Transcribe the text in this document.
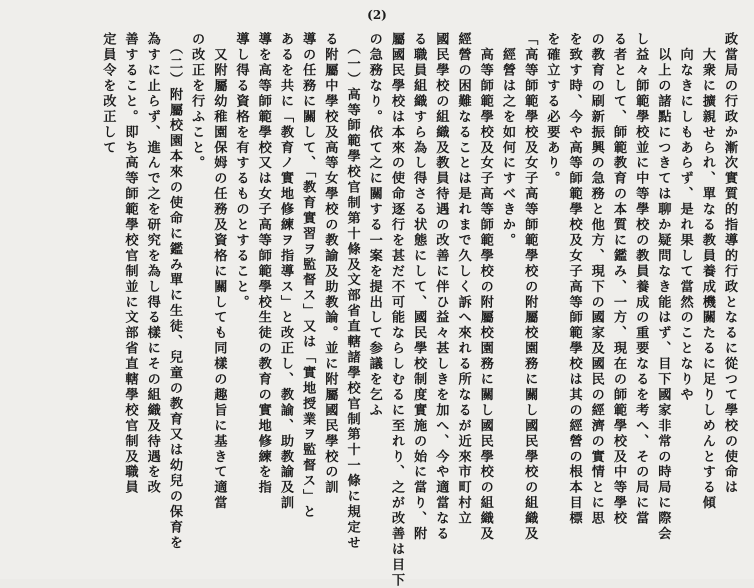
(2)
政當局の行政か漸次實質的指導的行政となるに從つて學校の使命は
　大衆に擴親せられ、單なる教員養成機關たるに足りしめんとする傾
　向なきにしもあらず、是れ果して當然のことなりや
　以上の諸點につきては聊か疑問なき能はず、目下國家非常の時局に際会
し益々師範學校並に中等學校の教員養成の重要なるを考へ、その局に當
る者として、師範教育の本質に鑑み、一方、現在の師範學校及中等學校
の教育の刷新振興の急務と他方、現下の國家及國民の經濟の實情とに思
を致す時、今や高等師範學校及女子高等師範學校は其の經營の根本目標
を確立する必要あり。
「高等師範學校及女子高等師範學校の附屬校園務に關し國民學校の組織及
　經營は之を如何にすべきか。
　高等師範學校及女子高等師範學校の附屬校園務に關し國民學校の組織及
經營の困難なることは是れまで久しく訴へ來れる所なるが近來市町村立
國民學校の組織及教員待遇の改善に伴ひ益々甚しきを加へ、今や適當なる
る職員組織すら為し得さる状態にして、國民學校制度實施の始に當り、附
屬國民學校は本來の使命逐行を甚だ不可能ならしむるに至れり、之が改善は目下
の急務なり。依て之に關する一案を提出して参議を乞ふ
　（一）高等師範學校官制第十條及文部省直轄諸學校官制第十一條に規定せ
る附屬中學校及高等女學校の教諭及助教論。並に附屬國民學校の訓
導の任務に關して、「教育實習ヲ監督ス」又は「實地授業ヲ監督ス」と
あるを共に「教育ノ實地修練ヲ指導ス」と改正し、教諭、助教諭及訓
導を高等師範學校又は女子高等師範學校生徒の教育の實地修練を指
導し得る資格を有するものとすること。
　又附屬幼稚園保姆の任務及資格に關しても同樣の趣旨に基きて適當
の改正を行ふこと。
　（二）附屬校園本來の使命に鑑み單に生徒、兒童の教育又は幼兒の保育を
為すに止らず、進んで之を研究を為し得る樣にその組織及待遇を改
善すること。即ち高等師範學校官制並に文部省直轄學校官制及職員
定員令を改正して
